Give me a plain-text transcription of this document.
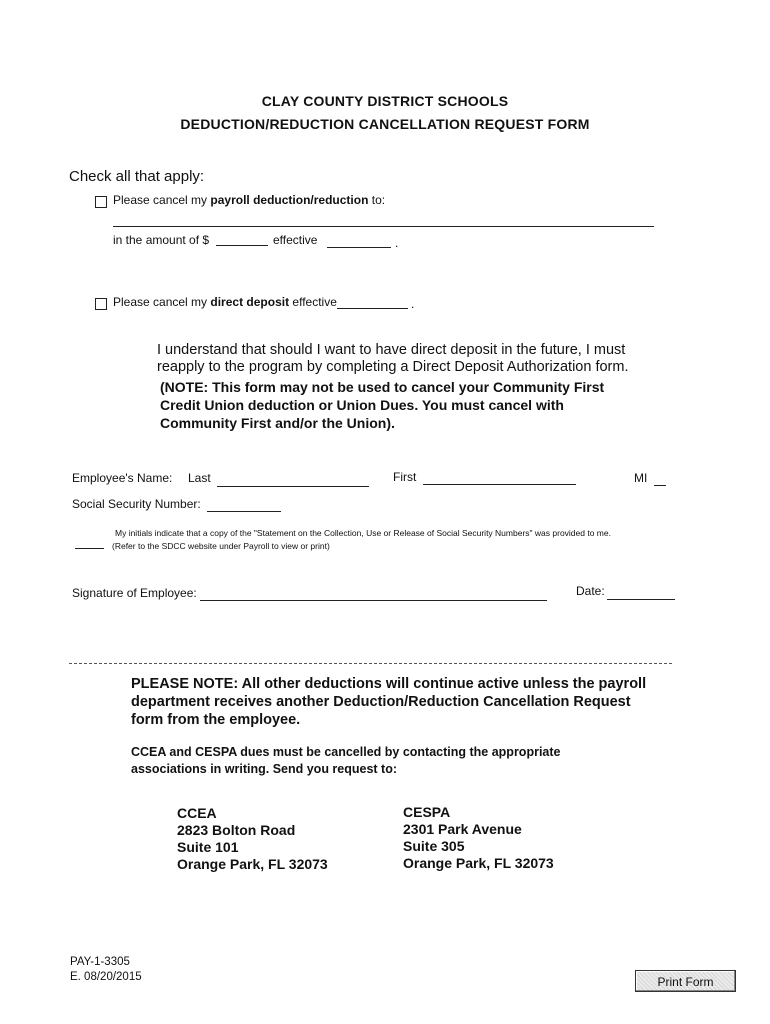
CLAY COUNTY DISTRICT SCHOOLS
DEDUCTION/REDUCTION CANCELLATION REQUEST FORM
Check all that apply:
Please cancel my payroll deduction/reduction to:
in the amount of $	effective	.
Please cancel my direct deposit effective	.
I understand that should I want to have direct deposit in the future, I must
reapply to the program by completing a Direct Deposit Authorization form.
(NOTE: This form may not be used to cancel your Community First
Credit Union deduction or Union Dues. You must cancel with
Community First and/or the Union).
Employee's Name: Last	First	MI
Social Security Number:
My initials indicate that a copy of the "Statement on the Collection, Use or Release of Social Security Numbers" was provided to me.
(Refer to the SDCC website under Payroll to view or print)
Signature of Employee:	Date:
PLEASE NOTE: All other deductions will continue active unless the payroll
department receives another Deduction/Reduction Cancellation Request
form from the employee.
CCEA and CESPA dues must be cancelled by contacting the appropriate
associations in writing. Send you request to:
CCEA
2823 Bolton Road
Suite 101
Orange Park, FL 32073
CESPA
2301 Park Avenue
Suite 305
Orange Park, FL 32073
PAY-1-3305
E. 08/20/2015	Print Form
